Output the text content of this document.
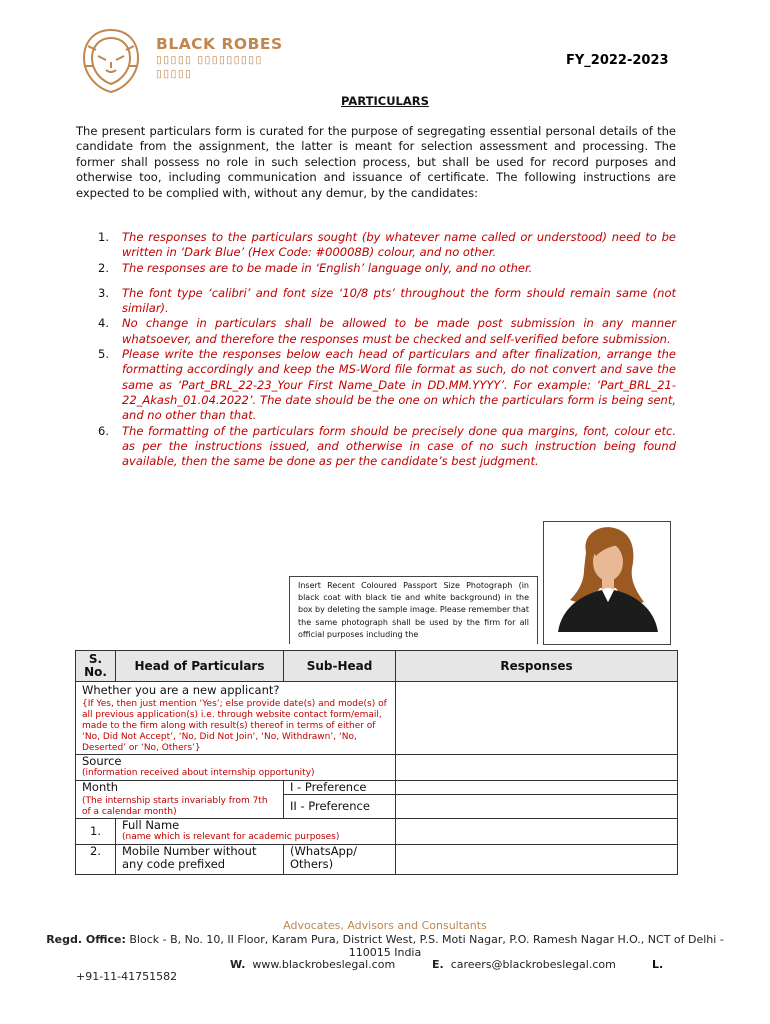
BLACK ROBES
▯▯▯▯▯ ▯▯▯▯▯▯▯▯▯
▯▯▯▯▯
FY_2022-2023
PARTICULARS

The present particulars form is curated for the purpose of segregating essential personal details of the candidate from the assignment, the latter is meant for selection assessment and processing. The former shall possess no role in such selection process, but shall be used for record purposes and otherwise too, including communication and issuance of certificate. The following instructions are expected to be complied with, without any demur, by the candidates:

1. The responses to the particulars sought (by whatever name called or understood) need to be written in ‘Dark Blue’ (Hex Code: #00008B) colour, and no other.
2. The responses are to be made in ‘English’ language only, and no other.
3. The font type ‘calibri’ and font size ‘10/8 pts’ throughout the form should remain same (not similar).
4. No change in particulars shall be allowed to be made post submission in any manner whatsoever, and therefore the responses must be checked and self-verified before submission.
5. Please write the responses below each head of particulars and after finalization, arrange the formatting accordingly and keep the MS-Word file format as such, do not convert and save the same as ‘Part_BRL_22-23_Your First Name_Date in DD.MM.YYYY’. For example: ‘Part_BRL_21-22_Akash_01.04.2022’. The date should be the one on which the particulars form is being sent, and no other than that.
6. The formatting of the particulars form should be precisely done qua margins, font, colour etc. as per the instructions issued, and otherwise in case of no such instruction being found available, then the same be done as per the candidate’s best judgment.
Insert Recent Coloured Passport Size Photograph (in black coat with black tie and white background) in the box by deleting the sample image. Please remember that the same photograph shall be used by the firm for all official purposes including the
S. No.	Head of Particulars	Sub-Head	Responses
Whether you are a new applicant?
{If Yes, then just mention ‘Yes’; else provide date(s) and mode(s) of all previous application(s) i.e. through website contact form/email, made to the firm along with result(s) thereof in terms of either of ‘No, Did Not Accept’, ‘No, Did Not Join’, ‘No, Withdrawn’, ‘No, Deserted’ or ‘No, Others’}			

Source
(information received about internship opportunity)			

Month
(The internship starts invariably from 7th of a calendar month)		I - Preference	
		II - Preference	
1.	Full Name
(name which is relevant for academic purposes)		

2.	Mobile Number without any code prefixed	(WhatsApp/ Others)	
Advocates, Advisors and Consultants
Regd. Office: Block - B, No. 10, II Floor, Karam Pura, District West, P.S. Moti Nagar, P.O. Ramesh Nagar H.O., NCT of Delhi - 110015 India
W. www.blackrobeslegal.com	E. careers@blackrobeslegal.com	L.
+91-11-41751582
